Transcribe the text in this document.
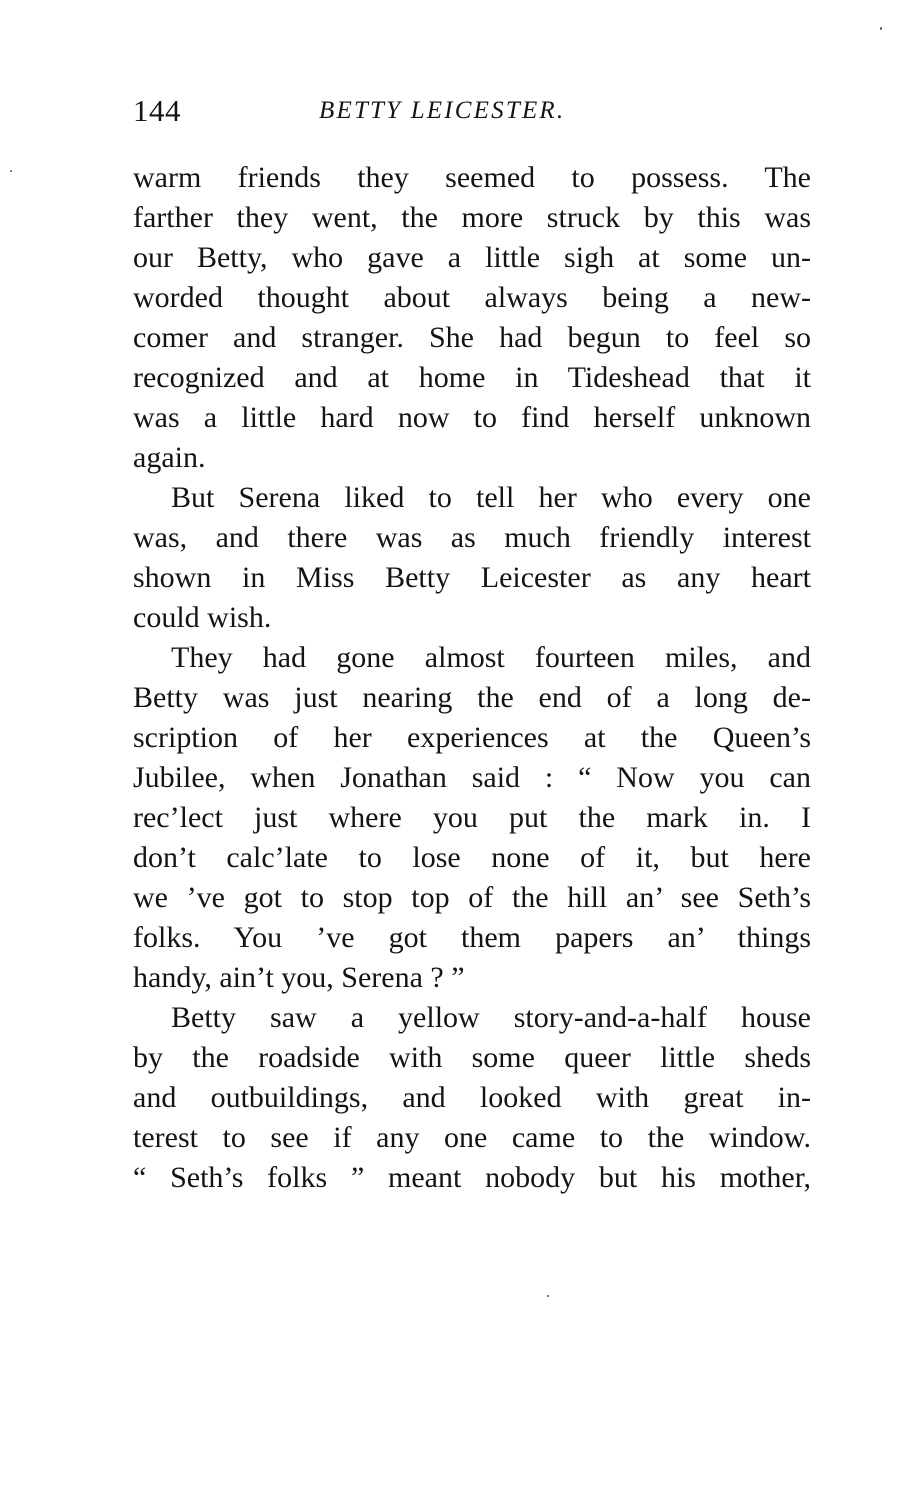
144	BETTY LEICESTER.
warm friends they seemed to possess. The
farther they went, the more struck by this was
our Betty, who gave a little sigh at some un-
worded thought about always being a new-
comer and stranger. She had begun to feel so
recognized and at home in Tideshead that it
was a little hard now to find herself unknown
again.
But Serena liked to tell her who every one
was, and there was as much friendly interest
shown in Miss Betty Leicester as any heart
could wish.
They had gone almost fourteen miles, and
Betty was just nearing the end of a long de-
scription of her experiences at the Queen’s
Jubilee, when Jonathan said : “ Now you can
rec’lect just where you put the mark in. I
don’t calc’late to lose none of it, but here
we ’ve got to stop top of the hill an’ see Seth’s
folks. You ’ve got them papers an’ things
handy, ain’t you, Serena ? ”
Betty saw a yellow story-and-a-half house
by the roadside with some queer little sheds
and outbuildings, and looked with great in-
terest to see if any one came to the window.
“ Seth’s folks ” meant nobody but his mother,
